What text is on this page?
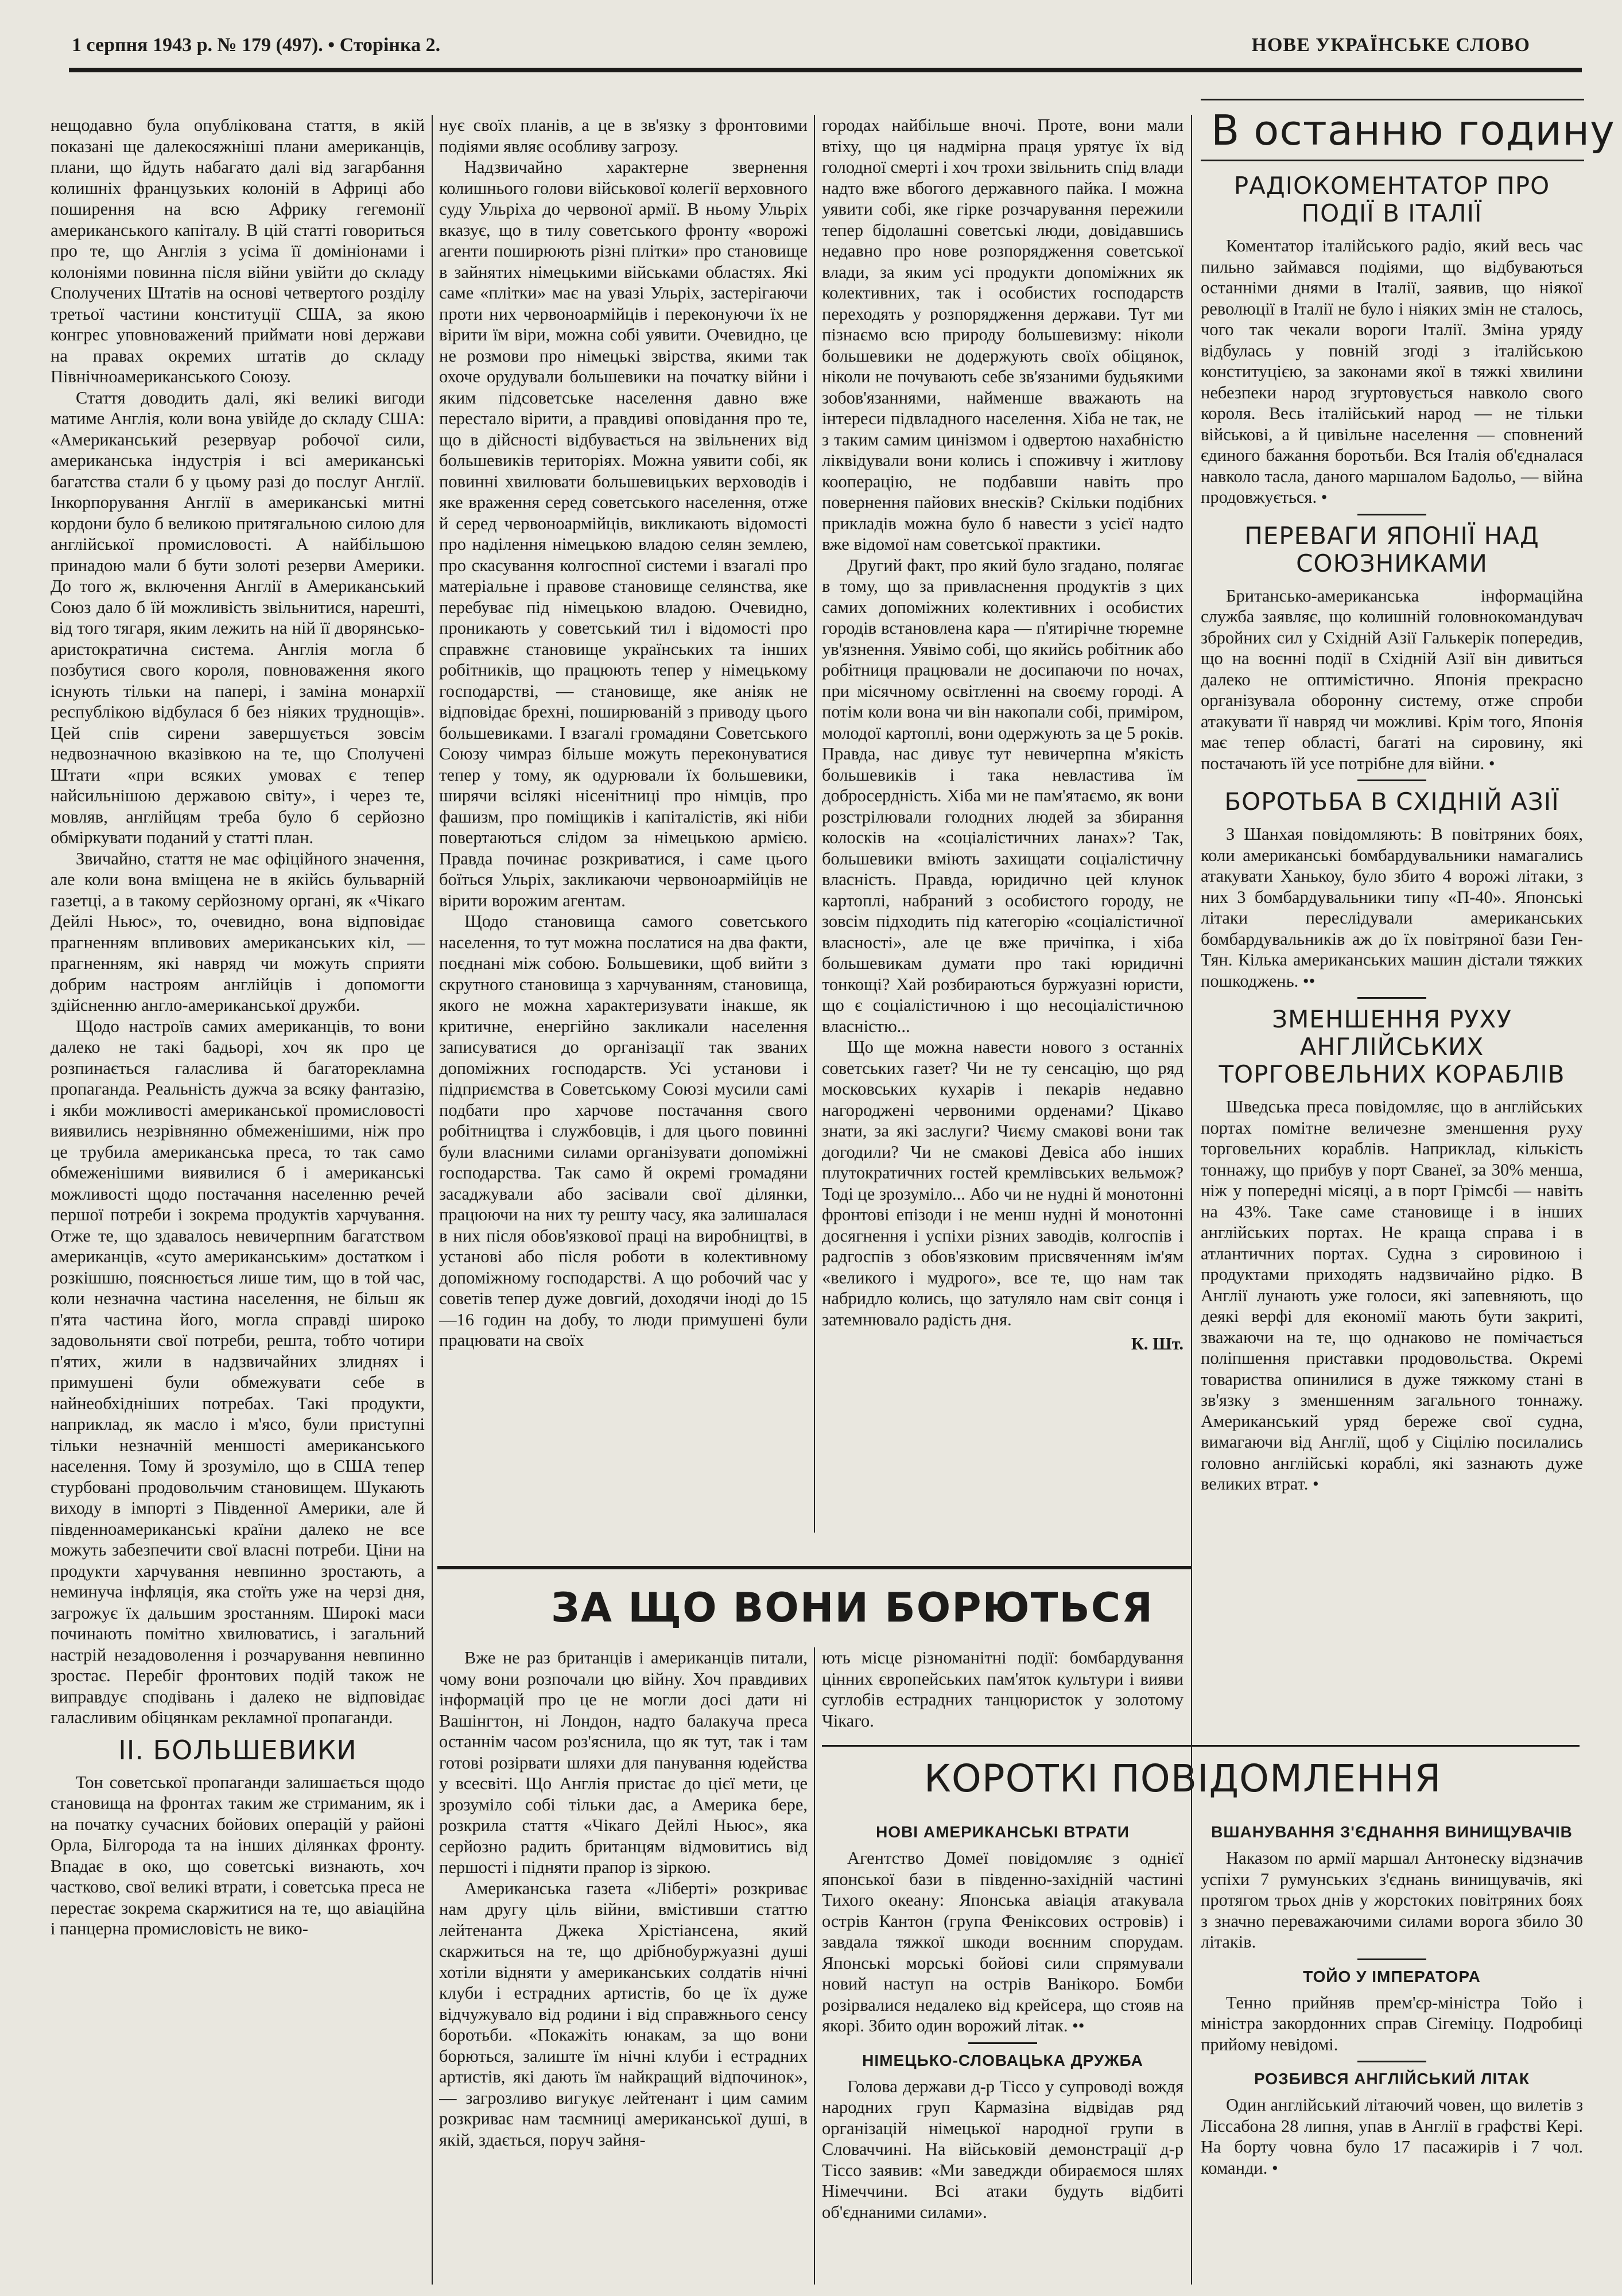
1 серпня 1943 р. № 179 (497). • Сторінка 2.	НОВЕ УКРАЇНСЬКЕ СЛОВО

нещодавно була опублікована стаття, в якій показані ще далекосяжніші плани американців, плани, що йдуть набагато далі від загарбання колишніх французьких колоній в Африці або поширення на всю Африку гегемонії американського капіталу. В цій статті говориться про те, що Англія з усіма її домініонами і колоніями повинна після війни увійти до складу Сполучених Штатів на основі четвертого розділу третьої частини конституції США, за якою конгрес уповноважений приймати нові держави на правах окремих штатів до складу Північноамериканського Союзу.

Стаття доводить далі, які великі вигоди матиме Англія, коли вона увійде до складу США: «Американський резервуар робочої сили, американська індустрія і всі американські багатства стали б у цьому разі до послуг Англії. Інкорпорування Англії в американські митні кордони було б великою притягальною силою для англійської промисловості. А найбільшою принадою мали б бути золоті резерви Америки. До того ж, включення Англії в Американський Союз дало б їй можливість звільнитися, нарешті, від того тягаря, яким лежить на ній її дворянсько-аристократична система. Англія могла б позбутися свого короля, повноваження якого існують тільки на папері, і заміна монархії республікою відбулася б без ніяких труднощів». Цей спів сирени завершується зовсім недвозначною вказівкою на те, що Сполучені Штати «при всяких умовах є тепер найсильнішою державою світу», і через те, мовляв, англійцям треба було б серйозно обміркувати поданий у статті план.

Звичайно, стаття не має офіційного значення, але коли вона вміщена не в якійсь бульварній газетці, а в такому серйозному органі, як «Чікаго Дейлі Ньюс», то, очевидно, вона відповідає прагненням впливових американських кіл, — прагненням, які навряд чи можуть сприяти добрим настроям англійців і допомогти здійсненню англо-американської дружби.

Щодо настроїв самих американців, то вони далеко не такі бадьорі, хоч як про це розпинається галаслива й багаторекламна пропаганда. Реальність дужча за всяку фантазію, і якби можливості американської промисловості виявились незрівнянно обмеженішими, ніж про це трубила американська преса, то так само обмеженішими виявилися б і американські можливості щодо постачання населенню речей першої потреби і зокрема продуктів харчування. Отже те, що здавалось невичерпним багатством американців, «суто американським» достатком і розкішшю, пояснюється лише тим, що в той час, коли незначна частина населення, не більш як п'ята частина його, могла справді широко задовольняти свої потреби, решта, тобто чотири п'ятих, жили в надзвичайних злиднях і примушені були обмежувати себе в найнеобхідніших потребах. Такі продукти, наприклад, як масло і м'ясо, були приступні тільки незначній меншості американського населення. Тому й зрозуміло, що в США тепер стурбовані продовольчим становищем. Шукають виходу в імпорті з Південної Америки, але й південноамериканські країни далеко не все можуть забезпечити свої власні потреби. Ціни на продукти харчування невпинно зростають, а неминуча інфляція, яка стоїть уже на черзі дня, загрожує їх дальшим зростанням. Широкі маси починають помітно хвилюватись, і загальний настрій незадоволення і розчарування невпинно зростає. Перебіг фронтових подій також не виправдує сподівань і далеко не відповідає галасливим обіцянкам рекламної пропаганди.

II. БОЛЬШЕВИКИ

Тон советської пропаганди залишається щодо становища на фронтах таким же стриманим, як і на початку сучасних бойових операцій у районі Орла, Білгорода та на інших ділянках фронту. Впадає в око, що советські визнають, хоч частково, свої великі втрати, і советська преса не перестає зокрема скаржитися на те, що авіаційна і панцерна промисловість не вико-

нує своїх планів, а це в зв'язку з фронтовими подіями являє особливу загрозу.

Надзвичайно характерне звернення колишнього голови військової колегії верховного суду Ульріха до червоної армії. В ньому Ульріх вказує, що в тилу советського фронту «ворожі агенти поширюють різні плітки» про становище в зайнятих німецькими військами областях. Які саме «плітки» має на увазі Ульріх, застерігаючи проти них червоноармійців і переконуючи їх не вірити їм віри, можна собі уявити. Очевидно, це не розмови про німецькі звірства, якими так охоче орудували большевики на початку війни і яким підсоветське населення давно вже перестало вірити, а правдиві оповідання про те, що в дійсності відбувається на звільнених від большевиків територіях. Можна уявити собі, як повинні хвилювати большевицьких верховодів і яке враження серед советського населення, отже й серед червоноармійців, викликають відомості про наділення німецькою владою селян землею, про скасування колгоспної системи і взагалі про матеріальне і правове становище селянства, яке перебуває під німецькою владою. Очевидно, проникають у советський тил і відомості про справжнє становище українських та інших робітників, що працюють тепер у німецькому господарстві, — становище, яке аніяк не відповідає брехні, поширюваній з приводу цього большевиками. І взагалі громадяни Советського Союзу чимраз більше можуть переконуватися тепер у тому, як одурювали їх большевики, ширячи всілякі нісенітниці про німців, про фашизм, про поміщиків і капіталістів, які ніби повертаються слідом за німецькою армією. Правда починає розкриватися, і саме цього боїться Ульріх, закликаючи червоноармійців не вірити ворожим агентам.

Щодо становища самого советського населення, то тут можна послатися на два факти, поєднані між собою. Большевики, щоб вийти з скрутного становища з харчуванням, становища, якого не можна характеризувати інакше, як критичне, енергійно закликали населення записуватися до організації так званих допоміжних господарств. Усі установи і підприємства в Советському Союзі мусили самі подбати про харчове постачання свого робітництва і службовців, і для цього повинні були власними силами організувати допоміжні господарства. Так само й окремі громадяни засаджували або засівали свої ділянки, працюючи на них ту решту часу, яка залишалася в них після обов'язкової праці на виробництві, в установі або після роботи в колективному допоміжному господарстві. А що робочий час у советів тепер дуже довгий, доходячи іноді до 15—16 годин на добу, то люди примушені були працювати на своїх

городах найбільше вночі. Проте, вони мали втіху, що ця надмірна праця урятує їх від голодної смерті і хоч трохи звільнить спід влади надто вже вбогого державного пайка. І можна уявити собі, яке гірке розчарування пережили тепер бідолашні советські люди, довідавшись недавно про нове розпорядження советської влади, за яким усі продукти допоміжних як колективних, так і особистих господарств переходять у розпорядження держави. Тут ми пізнаємо всю природу большевизму: ніколи большевики не додержують своїх обіцянок, ніколи не почувають себе зв'язаними будьякими зобов'язаннями, найменше вважають на інтереси підвладного населення. Хіба не так, не з таким самим цинізмом і одвертою нахабністю ліквідували вони колись і споживчу і житлову кооперацію, не подбавши навіть про повернення пайових внесків? Скільки подібних прикладів можна було б навести з усієї надто вже відомої нам советської практики.

Другий факт, про який було згадано, полягає в тому, що за привласнення продуктів з цих самих допоміжних колективних і особистих городів встановлена кара — п'ятирічне тюремне ув'язнення. Уявімо собі, що якийсь робітник або робітниця працювали не досипаючи по ночах, при місячному освітленні на своєму городі. А потім коли вона чи він накопали собі, приміром, молодої картоплі, вони одержують за це 5 років. Правда, нас дивує тут невичерпна м'якість большевиків і така невластива їм добросердність. Хіба ми не пам'ятаємо, як вони розстрілювали голодних людей за збирання колосків на «соціалістичних ланах»? Так, большевики вміють захищати соціалістичну власність. Правда, юридично цей клунок картоплі, набраний з особистого городу, не зовсім підходить під категорію «соціалістичної власності», але це вже причіпка, і хіба большевикам думати про такі юридичні тонкощі? Хай розбираються буржуазні юристи, що є соціалістичною і що несоціалістичною власністю...

Що ще можна навести нового з останніх советських газет? Чи не ту сенсацію, що ряд московських кухарів і пекарів недавно нагороджені червоними орденами? Цікаво знати, за які заслуги? Чиєму смакові вони так догодили? Чи не смакові Девіса або інших плутократичних гостей кремлівських вельмож? Тоді це зрозуміло... Або чи не нудні й монотонні фронтові епізоди і не менш нудні й монотонні досягнення і успіхи різних заводів, колгоспів і радгоспів з обов'язковим присвяченням ім'ям «великого і мудрого», все те, що нам так набридло колись, що затуляло нам світ сонця і затемнювало радість дня.

К. Шт.
ЗА ЩО ВОНИ БОРЮТЬСЯ

Вже не раз британців і американців питали, чому вони розпочали цю війну. Хоч правдивих інформацій про це не могли досі дати ні Вашінгтон, ні Лондон, надто балакуча преса останнім часом роз'яснила, що як тут, так і там готові розірвати шляхи для панування юдейства у всесвіті. Що Англія пристає до цієї мети, це зрозуміло собі тільки дає, а Америка бере, розкрила стаття «Чікаго Дейлі Ньюс», яка серйозно радить британцям відмовитись від першості і підняти прапор із зіркою.

Американська газета «Ліберті» розкриває нам другу ціль війни, вмістивши статтю лейтенанта Джека Хрістіансена, який скаржиться на те, що дрібнобуржуазні душі хотіли відняти у американських солдатів нічні клуби і естрадних артистів, бо це їх дуже відчужувало від родини і від справжнього сенсу боротьби. «Покажіть юнакам, за що вони борються, залиште їм нічні клуби і естрадних артистів, які дають їм найкращий відпочинок», — загрозливо вигукує лейтенант і цим самим розкриває нам таємниці американської душі, в якій, здається, поруч зайня-

ють місце різноманітні події: бомбардування цінних європейських пам'яток культури і вияви суглобів естрадних танцюристок у золотому Чікаго.

КОРОТКІ ПОВІДОМЛЕННЯ
НОВІ АМЕРИКАНСЬКІ ВТРАТИ

Агентство Домеї повідомляє з однієї японської бази в південно-західній частині Тихого океану: Японська авіація атакувала острів Кантон (група Феніксових островів) і завдала тяжкої шкоди воєнним спорудам. Японські морські бойові сили спрямували новий наступ на острів Ванікоро. Бомби розірвалися недалеко від крейсера, що стояв на якорі. Збито один ворожий літак. ••

НІМЕЦЬКО-СЛОВАЦЬКА ДРУЖБА

Голова держави д-р Тіссо у супроводі вождя народних груп Кармазіна відвідав ряд організацій німецької народної групи в Словаччині. На військовій демонстрації д-р Тіссо заявив: «Ми заведжди обираємося шлях Німеччини. Всі атаки будуть відбиті об'єднаними силами».

ВШАНУВАННЯ З'ЄДНАННЯ ВИНИЩУВАЧІВ

Наказом по армії маршал Антонеску відзначив успіхи 7 румунських з'єднань винищувачів, які протягом трьох днів у жорстоких повітряних боях з значно переважаючими силами ворога збило 30 літаків.

ТОЙО У ІМПЕРАТОРА

Тенно прийняв прем'єр-міністра Тойо і міністра закордонних справ Сігеміцу. Подробиці прийому невідомі.

РОЗБИВСЯ АНГЛІЙСЬКИЙ ЛІТАК

Один англійський літаючий човен, що вилетів з Ліссабона 28 липня, упав в Англії в графстві Кері. На борту човна було 17 пасажирів і 7 чол. команди. •

В останню годину
РАДІОКОМЕНТАТОР ПРО ПОДІЇ В ІТАЛІЇ

Коментатор італійського радіо, який весь час пильно займався подіями, що відбуваються останніми днями в Італії, заявив, що ніякої революції в Італії не було і ніяких змін не сталось, чого так чекали вороги Італії. Зміна уряду відбулась у повній згоді з італійською конституцією, за законами якої в тяжкі хвилини небезпеки народ згуртовується навколо свого короля. Весь італійський народ — не тільки військові, а й цивільне населення — сповнений єдиного бажання боротьби. Вся Італія об'єдналася навколо тасла, даного маршалом Бадольо, — війна продовжується. •

ПЕРЕВАГИ ЯПОНІЇ НАД СОЮЗНИКАМИ

Британсько-американська інформаційна служба заявляє, що колишній головнокомандувач збройних сил у Східній Азії Галькерік попередив, що на воєнні події в Східній Азії він дивиться далеко не оптимістично. Японія прекрасно організувала оборонну систему, отже спроби атакувати її навряд чи можливі. Крім того, Японія має тепер області, багаті на сировину, які постачають їй усе потрібне для війни. •

БОРОТЬБА В СХІДНІЙ АЗІЇ

З Шанхая повідомляють: В повітряних боях, коли американські бомбардувальники намагались атакувати Ханькоу, було збито 4 ворожі літаки, з них 3 бомбардувальники типу «П-40». Японські літаки переслідували американських бомбардувальників аж до їх повітряної бази Ген-Тян. Кілька американських машин дістали тяжких пошкоджень. ••

ЗМЕНШЕННЯ РУХУ АНГЛІЙСЬКИХ ТОРГОВЕЛЬНИХ КОРАБЛІВ

Шведська преса повідомляє, що в англійських портах помітне величезне зменшення руху торговельних кораблів. Наприклад, кількість тоннажу, що прибув у порт Сванеї, за 30% менша, ніж у попередні місяці, а в порт Грімсбі — навіть на 43%. Таке саме становище і в інших англійських портах. Не краща справа і в атлантичних портах. Судна з сировиною і продуктами приходять надзвичайно рідко. В Англії лунають уже голоси, які запевняють, що деякі верфі для економії мають бути закриті, зважаючи на те, що однаково не помічається поліпшення приставки продовольства. Окремі товариства опинилися в дуже тяжкому стані в зв'язку з зменшенням загального тоннажу. Американський уряд береже свої судна, вимагаючи від Англії, щоб у Сіцілію посилались головно англійські кораблі, які зазнають дуже великих втрат. •
